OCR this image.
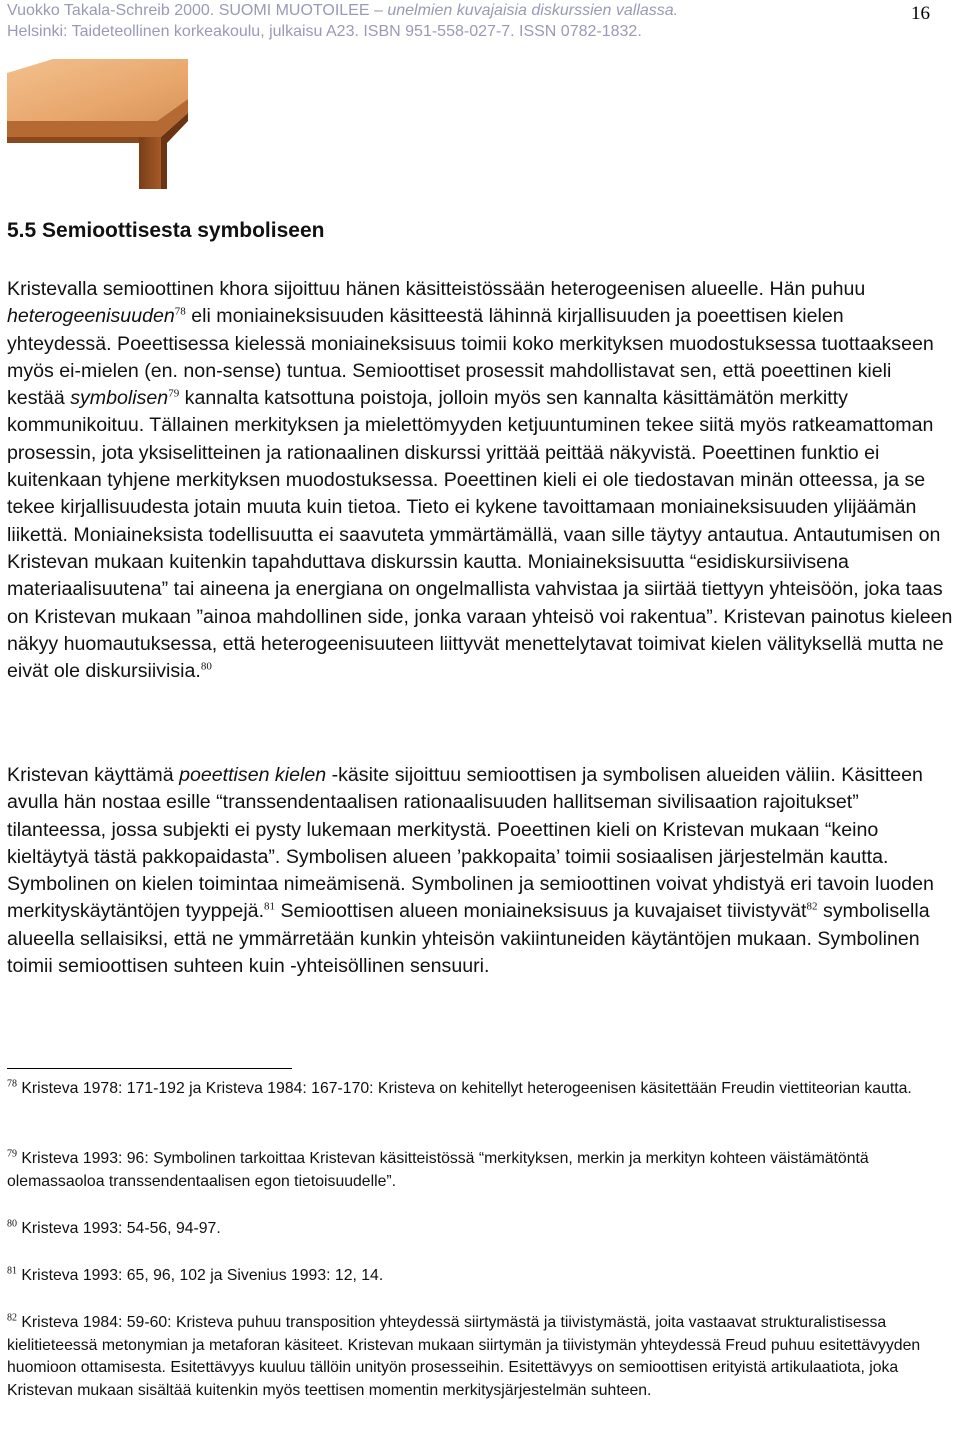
Vuokko Takala-Schreib 2000. SUOMI MUOTOILEE – unelmien kuvajaisia diskurssien vallassa.
Helsinki: Taideteollinen korkeakoulu, julkaisu A23. ISBN 951-558-027-7. ISSN 0782-1832.
16
5.5 Semioottisesta symboliseen

Kristevalla semioottinen khora sijoittuu hänen käsitteistössään heterogeenisen alueelle. Hän puhuu heterogeenisuuden$^{78}$ eli moniaineksisuuden käsitteestä lähinnä kirjallisuuden ja poeettisen kielen yhteydessä. Poeettisessa kielessä moniaineksisuus toimii koko merkityksen muodostuksessa tuottaakseen myös ei-mielen (en. non-sense) tuntua. Semioottiset prosessit mahdollistavat sen, että poeettinen kieli kestää symbolisen$^{79}$ kannalta katsottuna poistoja, jolloin myös sen kannalta käsittämätön merkitty kommunikoituu. Tällainen merkityksen ja mielettömyyden ketjuuntuminen tekee siitä myös ratkeamattoman prosessin, jota yksiselitteinen ja rationaalinen diskurssi yrittää peittää näkyvistä. Poeettinen funktio ei kuitenkaan tyhjene merkityksen muodostuksessa. Poeettinen kieli ei ole tiedostavan minän otteessa, ja se tekee kirjallisuudesta jotain muuta kuin tietoa. Tieto ei kykene tavoittamaan moniaineksisuuden ylijäämän liikettä. Moniaineksista todellisuutta ei saavuteta ymmärtämällä, vaan sille täytyy antautua. Antautumisen on Kristevan mukaan kuitenkin tapahduttava diskurssin kautta. Moniaineksisuutta “esidiskursiivisena materiaalisuutena” tai aineena ja energiana on ongelmallista vahvistaa ja siirtää tiettyyn yhteisöön, joka taas on Kristevan mukaan ”ainoa mahdollinen side, jonka varaan yhteisö voi rakentua”. Kristevan painotus kieleen näkyy huomautuksessa, että heterogeenisuuteen liittyvät menettelytavat toimivat kielen välityksellä mutta ne eivät ole diskursiivisia.$^{80}$

Kristevan käyttämä poeettisen kielen -käsite sijoittuu semioottisen ja symbolisen alueiden väliin. Käsitteen avulla hän nostaa esille “transsendentaalisen rationaalisuuden hallitseman sivilisaation rajoitukset” tilanteessa, jossa subjekti ei pysty lukemaan merkitystä. Poeettinen kieli on Kristevan mukaan “keino kieltäytyä tästä pakkopaidasta”. Symbolisen alueen ’pakkopaita’ toimii sosiaalisen järjestelmän kautta. Symbolinen on kielen toimintaa nimeämisenä. Symbolinen ja semioottinen voivat yhdistyä eri tavoin luoden merkityskäytäntöjen tyyppejä.$^{81}$ Semioottisen alueen moniaineksisuus ja kuvajaiset tiivistyvät$^{82}$ symbolisella alueella sellaisiksi, että ne ymmärretään kunkin yhteisön vakiintuneiden käytäntöjen mukaan. Symbolinen toimii semioottisen suhteen kuin -yhteisöllinen sensuuri.

$^{78}$ Kristeva 1978: 171-192 ja Kristeva 1984: 167-170: Kristeva on kehitellyt heterogeenisen käsitettään Freudin viettiteorian kautta.

$^{79}$ Kristeva 1993: 96: Symbolinen tarkoittaa Kristevan käsitteistössä “merkityksen, merkin ja merkityn kohteen väistämätöntä olemassaoloa transsendentaalisen egon tietoisuudelle”.

$^{80}$ Kristeva 1993: 54-56, 94-97.

$^{81}$ Kristeva 1993: 65, 96, 102 ja Sivenius 1993: 12, 14.

$^{82}$ Kristeva 1984: 59-60: Kristeva puhuu transposition yhteydessä siirtymästä ja tiivistymästä, joita vastaavat strukturalistisessa kielitieteessä metonymian ja metaforan käsiteet. Kristevan mukaan siirtymän ja tiivistymän yhteydessä Freud puhuu esitettävyyden huomioon ottamisesta. Esitettävyys kuuluu tällöin unityön prosesseihin. Esitettävyys on semioottisen erityistä artikulaatiota, joka Kristevan mukaan sisältää kuitenkin myös teettisen momentin merkitysjärjestelmän suhteen.
